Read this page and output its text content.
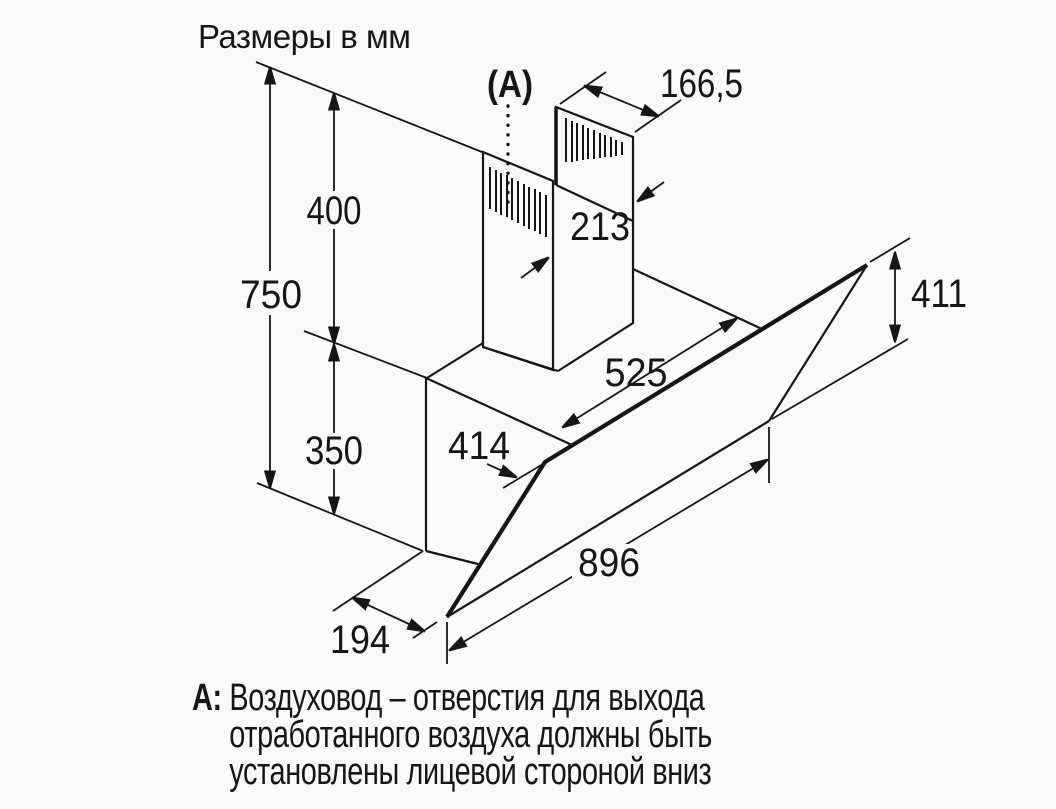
Размеры в мм
(A)
750
400
350
166,5
213
525
414
411
896
194
A: Воздуховод – отверстия для выхода
отработанного воздуха должны быть
установлены лицевой стороной вниз
